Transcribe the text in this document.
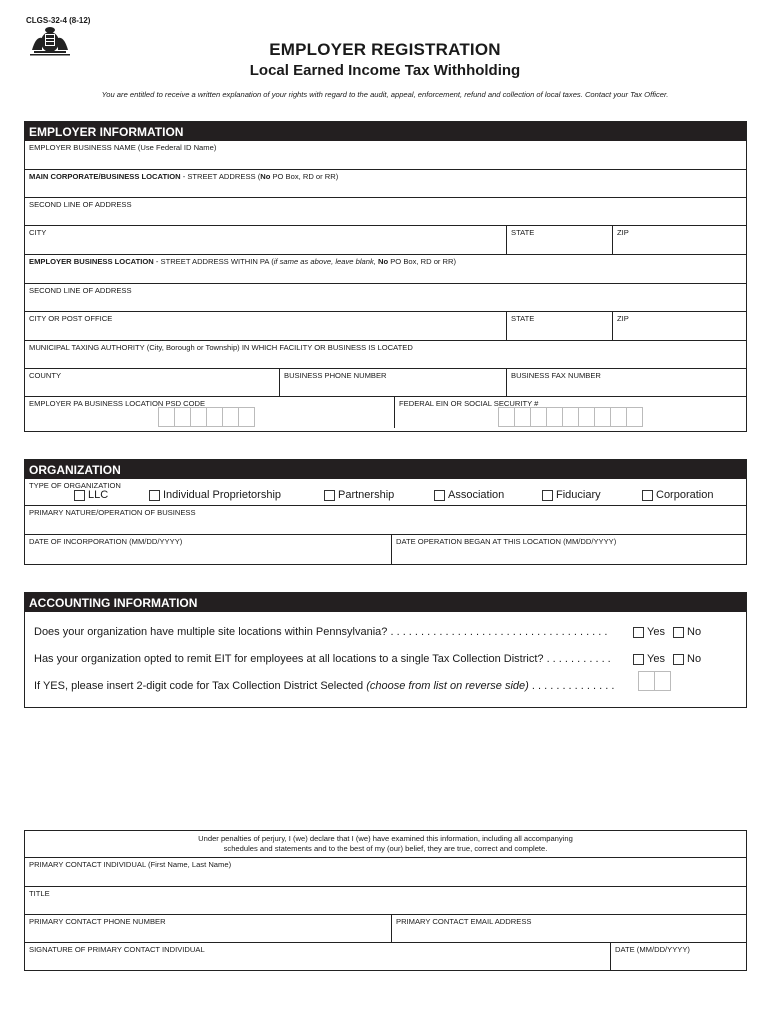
CLGS-32-4 (8-12)
EMPLOYER REGISTRATION
Local Earned Income Tax Withholding
You are entitled to receive a written explanation of your rights with regard to the audit, appeal, enforcement, refund and collection of local taxes. Contact your Tax Officer.
EMPLOYER INFORMATION
EMPLOYER BUSINESS NAME (Use Federal ID Name)
MAIN CORPORATE/BUSINESS LOCATION - STREET ADDRESS (No PO Box, RD or RR)
SECOND LINE OF ADDRESS
CITY	STATE	ZIP
EMPLOYER BUSINESS LOCATION - STREET ADDRESS WITHIN PA (if same as above, leave blank, No PO Box, RD or RR)
SECOND LINE OF ADDRESS
CITY OR POST OFFICE	STATE	ZIP
MUNICIPAL TAXING AUTHORITY (City, Borough or Township) IN WHICH FACILITY OR BUSINESS IS LOCATED
COUNTY	BUSINESS PHONE NUMBER	BUSINESS FAX NUMBER
EMPLOYER PA BUSINESS LOCATION PSD CODE	FEDERAL EIN OR SOCIAL SECURITY #
ORGANIZATION
TYPE OF ORGANIZATION
LLC	Individual Proprietorship	Partnership	Association	Fiduciary	Corporation
PRIMARY NATURE/OPERATION OF BUSINESS
DATE OF INCORPORATION (MM/DD/YYYY)	DATE OPERATION BEGAN AT THIS LOCATION (MM/DD/YYYY)
ACCOUNTING INFORMATION
Does your organization have multiple site locations within Pennsylvania? . . . . . . . . . . . . . . . . . . . . . . . . . . . . . . . . . . . .	Yes No
Has your organization opted to remit EIT for employees at all locations to a single Tax Collection District? . . . . . . . . . . .	Yes No
If YES, please insert 2-digit code for Tax Collection District Selected (choose from list on reverse side) . . . . . . . . . . . . . .
Under penalties of perjury, I (we) declare that I (we) have examined this information, including all accompanying
schedules and statements and to the best of my (our) belief, they are true, correct and complete.
PRIMARY CONTACT INDIVIDUAL (First Name, Last Name)
TITLE
PRIMARY CONTACT PHONE NUMBER	PRIMARY CONTACT EMAIL ADDRESS
SIGNATURE OF PRIMARY CONTACT INDIVIDUAL	DATE (MM/DD/YYYY)
